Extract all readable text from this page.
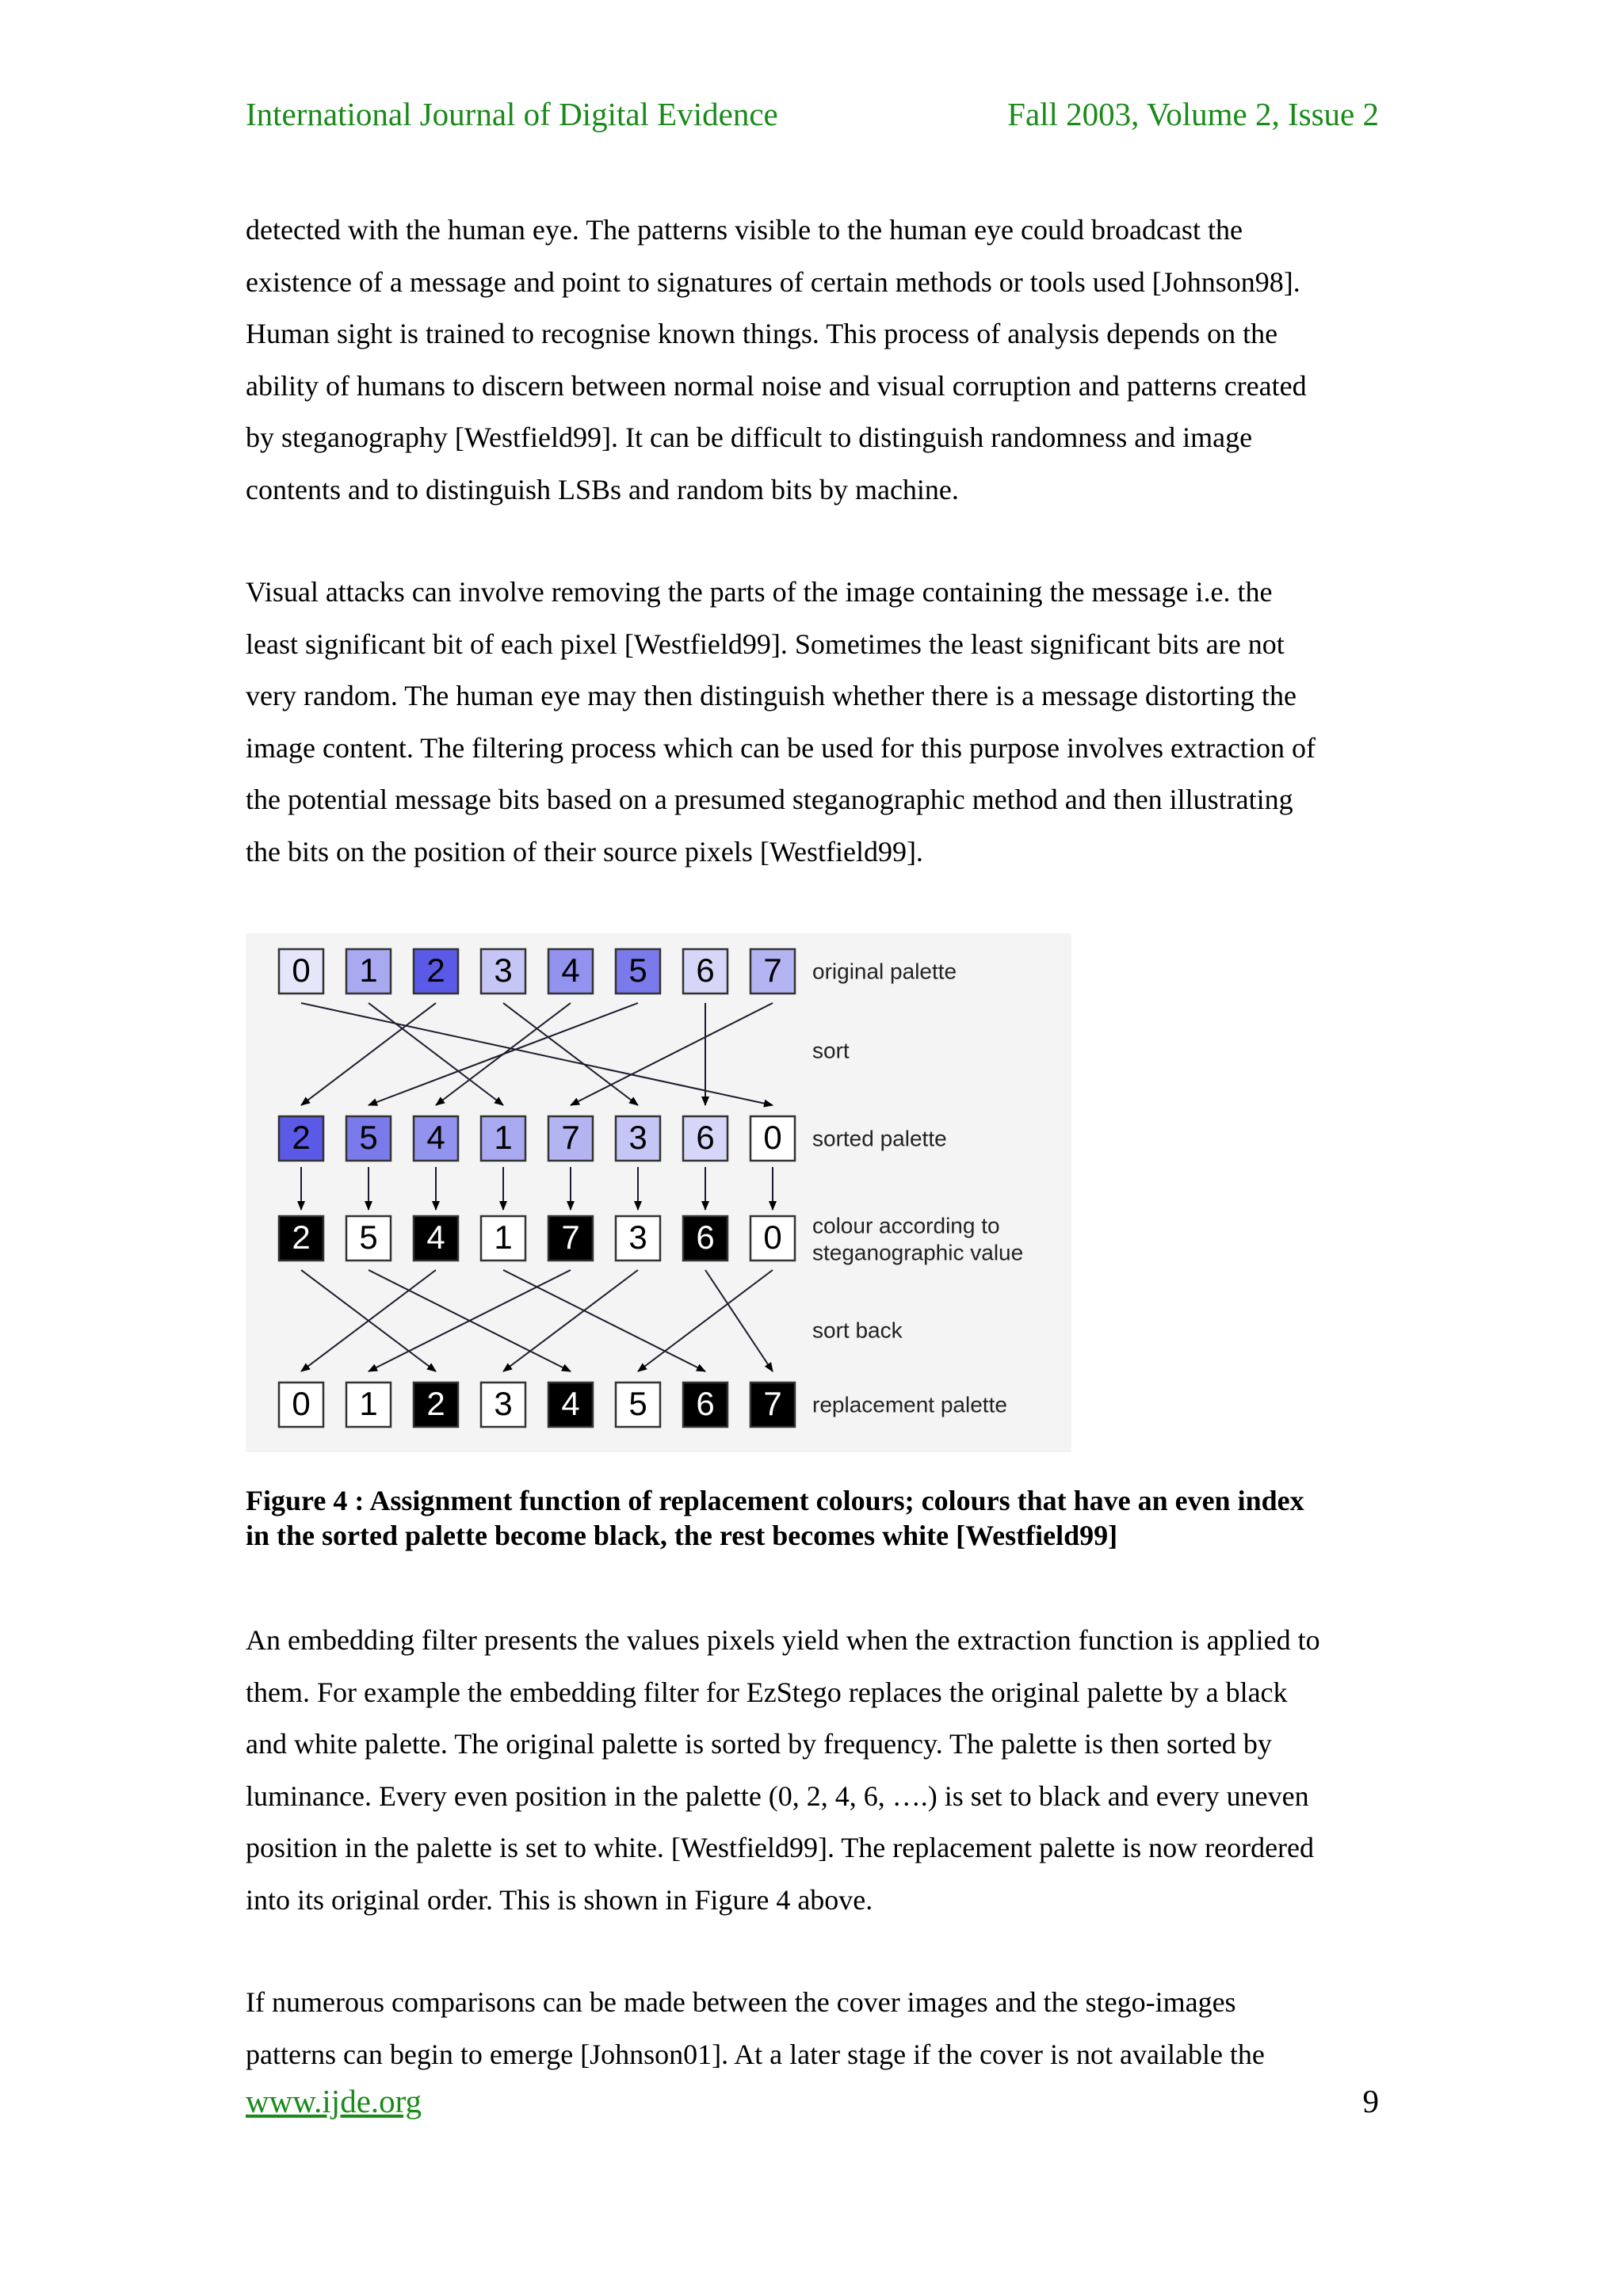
International Journal of Digital Evidence	Fall 2003, Volume 2, Issue 2
detected with the human eye. The patterns visible to the human eye could broadcast the
existence of a message and point to signatures of certain methods or tools used [Johnson98].
Human sight is trained to recognise known things. This process of analysis depends on the
ability of humans to discern between normal noise and visual corruption and patterns created
by steganography [Westfield99]. It can be difficult to distinguish randomness and image
contents and to distinguish LSBs and random bits by machine.
Visual attacks can involve removing the parts of the image containing the message i.e. the
least significant bit of each pixel [Westfield99]. Sometimes the least significant bits are not
very random. The human eye may then distinguish whether there is a message distorting the
image content. The filtering process which can be used for this purpose involves extraction of
the potential message bits based on a presumed steganographic method and then illustrating
the bits on the position of their source pixels [Westfield99].
0 1 2 3 4 5 6 7 original palette
2 5 4 1 7 3 6 0 sorted palette
2 5 4 1 7 3 6 0 colour according to
steganographic value
0 1 2 3 4 5 6 7 replacement palette
sort
sort back
Figure 4 : Assignment function of replacement colours; colours that have an even index
in the sorted palette become black, the rest becomes white [Westfield99]
An embedding filter presents the values pixels yield when the extraction function is applied to
them. For example the embedding filter for EzStego replaces the original palette by a black
and white palette. The original palette is sorted by frequency. The palette is then sorted by
luminance. Every even position in the palette (0, 2, 4, 6, ….) is set to black and every uneven
position in the palette is set to white. [Westfield99]. The replacement palette is now reordered
into its original order. This is shown in Figure 4 above.
If numerous comparisons can be made between the cover images and the stego-images
patterns can begin to emerge [Johnson01]. At a later stage if the cover is not available the
www.ijde.org	9
